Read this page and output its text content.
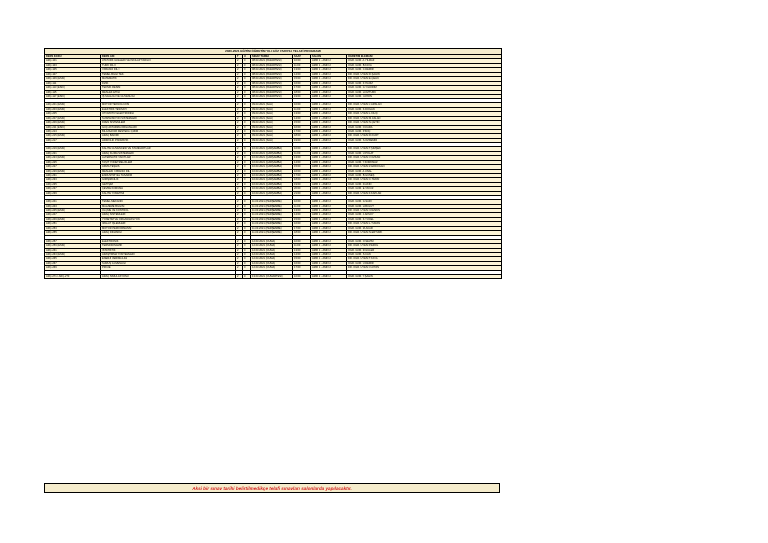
2020-2021 EĞİTİM ÖĞRETİM YILI GÜZ YARIYILI TELAFİ PROGRAMI
DERS KODU	DERS ADI	T	U	SINAV TARİHİ	SAAT	SALON	ÖĞRETİM ELEMANI
ARÇ-101	ATATÜRK İLKELERİ VE İNKILAP TARİHİ I	2	0	08.03.2021 (PAZARTESİ)	10:00	AMFİ 1 - AMFİ 2	ÖĞR. GÖR. A.YILMAZ
ARÇ-103	TÜRK DİLİ I	2	0	08.03.2021 (PAZARTESİ)	11:00	AMFİ 1 - AMFİ 2	ÖĞR. GÖR. B.KAYA
ARÇ-105	YABANCI DİL I	2	0	08.03.2021 (PAZARTESİ)	13:00	AMFİ 1 - AMFİ 2	ÖĞR. GÖR. C.DEMİR
ARÇ-107	TEMEL BİLGİ TEK.	2	0	08.03.2021 (PAZARTESİ)	14:00	AMFİ 1 - AMFİ 2	DR. ÖĞR. ÜYESİ D.ŞAHİN
ARÇ-109 (ESKİ)	MATEMATİK	2	0	08.03.2021 (PAZARTESİ)	15:00	AMFİ 1 - AMFİ 2	DR. ÖĞR. ÜYESİ E.ÇELİK
ARÇ-111	FİZİK	2	0	08.03.2021 (PAZARTESİ)	16:00	AMFİ 1 - AMFİ 2	ÖĞR. GÖR. F.YILDIZ
ARÇ-113 (ESKİ)	TEKNİK RESİM	2	0	08.03.2021 (PAZARTESİ)	17:00	AMFİ 1 - AMFİ 2	ÖĞR. GÖR. G.YILDIRIM
ARÇ-115	MESLEK ETİĞİ	2	0	08.03.2021 (PAZARTESİ)	18:00	AMFİ 1 - AMFİ 2	ÖĞR. GÖR. H.ÖZTÜRK
ARÇ-117 (ESKİ)	İŞ SAĞLIĞI VE GÜVENLİĞİ	2	0	08.03.2021 (PAZARTESİ)	19:00	AMFİ 1 - AMFİ 2	ÖĞR. GÖR. İ.AYDIN
ARÇ-201 (ESKİ)	MOTOR TEKNOLOJİSİ	2	0	09.03.2021 (SALI)	10:00	AMFİ 1 - AMFİ 2	DR. ÖĞR. ÜYESİ J.ARSLAN
ARÇ-203 (ESKİ)	ELEKTRİK TESİSATI	2	0	09.03.2021 (SALI)	11:00	AMFİ 1 - AMFİ 2	ÖĞR. GÖR. K.DOĞAN
ARÇ-205	OTOMOTİV ELEKTRONİĞİ	2	0	09.03.2021 (SALI)	13:00	AMFİ 1 - AMFİ 2	DR. ÖĞR. ÜYESİ L.KILIÇ
ARÇ-207 (ESKİ)	SÜSPANSİYON SİSTEMLERİ	2	0	09.03.2021 (SALI)	14:00	AMFİ 1 - AMFİ 2	DR. ÖĞR. ÜYESİ M.ASLAN
ARÇ-209 (ESKİ)	FREN SİSTEMLERİ	2	0	09.03.2021 (SALI)	15:00	AMFİ 1 - AMFİ 2	DR. ÖĞR. ÜYESİ N.ÇETİN
ARÇ-211 (ESKİ)	GÜÇ AKTARMA ORGANLARI	2	0	09.03.2021 (SALI)	16:00	AMFİ 1 - AMFİ 2	ÖĞR. GÖR. O.KARA
ARÇ-213	BİLGİSAYAR DESTEKLİ ÇİZİM	2	0	09.03.2021 (SALI)	17:00	AMFİ 1 - AMFİ 2	ÖĞR. GÖR. P.KOÇ
ARÇ-215 (ESKİ)	ARAÇ BAKIMI	2	0	09.03.2021 (SALI)	18:00	AMFİ 1 - AMFİ 2	DR. ÖĞR. ÜYESİ R.KURT
ARÇ-217	HİDROLİK PNÖMATİK	2	0	09.03.2021 (SALI)	19:00	AMFİ 1 - AMFİ 2	ÖĞR. GÖR. S.ÖZDEMİR
ARÇ-219 (ESKİ)	KALİTE GÜVENCESİ VE STANDARTLAR	2	0	10.03.2021 (ÇARŞAMBA)	10:00	AMFİ 1 - AMFİ 2	DR. ÖĞR. ÜYESİ T.ŞİMŞEK
ARÇ-221	ARAÇ KLİMA SİSTEMLERİ	2	0	10.03.2021 (ÇARŞAMBA)	11:00	AMFİ 1 - AMFİ 2	ÖĞR. GÖR. U.POLAT
ARÇ-223 (ESKİ)	ALTERNATİF YAKITLAR	2	0	10.03.2021 (ÇARŞAMBA)	13:00	AMFİ 1 - AMFİ 2	DR. ÖĞR. ÜYESİ V.ÖZKAN
ARÇ-225	TAŞIT YÖNETMELİKLERİ	2	0	10.03.2021 (ÇARŞAMBA)	14:00	AMFİ 1 - AMFİ 2	ÖĞR. GÖR. Y.KORKMAZ
ARÇ-227	ARIZA TEŞHİS	2	0	10.03.2021 (ÇARŞAMBA)	15:00	AMFİ 1 - AMFİ 2	DR. ÖĞR. ÜYESİ Z.ERDOĞAN
ARÇ-229 (ESKİ)	MESLEKİ YABANCI DİL	2	0	10.03.2021 (ÇARŞAMBA)	16:00	AMFİ 1 - AMFİ 2	ÖĞR. GÖR. A.ÜNAL
ARÇ-231	ENDÜSTRİYEL TASARIM	2	0	10.03.2021 (ÇARŞAMBA)	17:00	AMFİ 1 - AMFİ 2	ÖĞR. GÖR. B.GÜNEŞ
ARÇ-233	GİRİŞİMCİLİK	2	0	10.03.2021 (ÇARŞAMBA)	18:00	AMFİ 1 - AMFİ 2	DR. ÖĞR. ÜYESİ C.TEKİN
ARÇ-235	İLETİŞİM	2	0	10.03.2021 (ÇARŞAMBA)	19:00	AMFİ 1 - AMFİ 2	ÖĞR. GÖR. D.AKIN
ARÇ-237	ÇEVRE KORUMA	2	0	10.03.2021 (ÇARŞAMBA)	20:00	AMFİ 1 - AMFİ 2	ÖĞR. GÖR. E.YAVUZ
ARÇ-239	KALİTE YÖNETİMİ	2	0	10.03.2021 (ÇARŞAMBA)	21:00	AMFİ 1 - AMFİ 2	DR. ÖĞR. ÜYESİ F.KAPLAN
ARÇ-241	TEMEL MEKANİK	2	0	11.03.2021 (PERŞEMBE)	10:00	AMFİ 1 - AMFİ 2	ÖĞR. GÖR. G.SARI
ARÇ-243	MALZEME BİLGİSİ	2	0	11.03.2021 (PERŞEMBE)	11:00	AMFİ 1 - AMFİ 2	ÖĞR. GÖR. H.BULUT
ARÇ-245 (ESKİ)	ÖLÇME VE KONTROL	2	0	11.03.2021 (PERŞEMBE)	13:00	AMFİ 1 - AMFİ 2	DR. ÖĞR. ÜYESİ İ.KESKİN
ARÇ-247	ARAÇ SİSTEMLERİ	2	0	11.03.2021 (PERŞEMBE)	14:00	AMFİ 1 - AMFİ 2	ÖĞR. GÖR. J.AKSOY
ARÇ-249 (ESKİ)	YÖNETİM VE ORGANİZASYON	2	0	11.03.2021 (PERŞEMBE)	15:00	AMFİ 1 - AMFİ 2	ÖĞR. GÖR. K.YÜCEL
ARÇ-251	İMALAT İŞLEMLERİ	2	0	11.03.2021 (PERŞEMBE)	16:00	AMFİ 1 - AMFİ 2	DR. ÖĞR. ÜYESİ L.TURAN
ARÇ-253	MOTOR PERFORMANSI	2	0	11.03.2021 (PERŞEMBE)	17:00	AMFİ 1 - AMFİ 2	ÖĞR. GÖR. M.ACAR
ARÇ-255	ARAÇ DİNAMİĞİ	2	0	11.03.2021 (PERŞEMBE)	18:00	AMFİ 1 - AMFİ 2	DR. ÖĞR. ÜYESİ N.ERTÜRK
ARÇ-257	ELEKTRONİK	2	0	12.03.2021 (CUMA)	10:00	AMFİ 1 - AMFİ 2	ÖĞR. GÖR. O.SEVİM
ARÇ-259 (ESKİ)	TERMODİNAMİK	2	0	12.03.2021 (CUMA)	11:00	AMFİ 1 - AMFİ 2	DR. ÖĞR. ÜYESİ P.EROL
ARÇ-261	İSTATİSTİK	2	0	12.03.2021 (CUMA)	13:00	AMFİ 1 - AMFİ 2	ÖĞR. GÖR. R.GÜLER
ARÇ-263 (ESKİ)	ARAŞTIRMA YÖNTEMLERİ	2	0	12.03.2021 (CUMA)	14:00	AMFİ 1 - AMFİ 2	ÖĞR. GÖR. S.CAN
ARÇ-265	ENERJİ VERİMLİLİĞİ	2	0	12.03.2021 (CUMA)	15:00	AMFİ 1 - AMFİ 2	DR. ÖĞR. ÜYESİ T.KAYA
ARÇ-267	SÜRÜŞ GÜVENLİĞİ	2	0	12.03.2021 (CUMA)	16:00	AMFİ 1 - AMFİ 2	ÖĞR. GÖR. U.DEMİR
ARÇ-269	PROJE	2	0	12.03.2021 (CUMA)	17:00	AMFİ 1 - AMFİ 2	DR. ÖĞR. ÜYESİ V.AYDIN
ARÇ-271 / ARÇ-273	ARAÇ SİMÜLASYONU	2	0	13.03.2021 (CUMARTESİ)	10:00	AMFİ 1 - AMFİ 2	ÖĞR. GÖR. Y.ŞAHİN
Aksi bir sınav tarihi belirtilmedikçe telafi sınavları salonlarda yapılacaktır.
